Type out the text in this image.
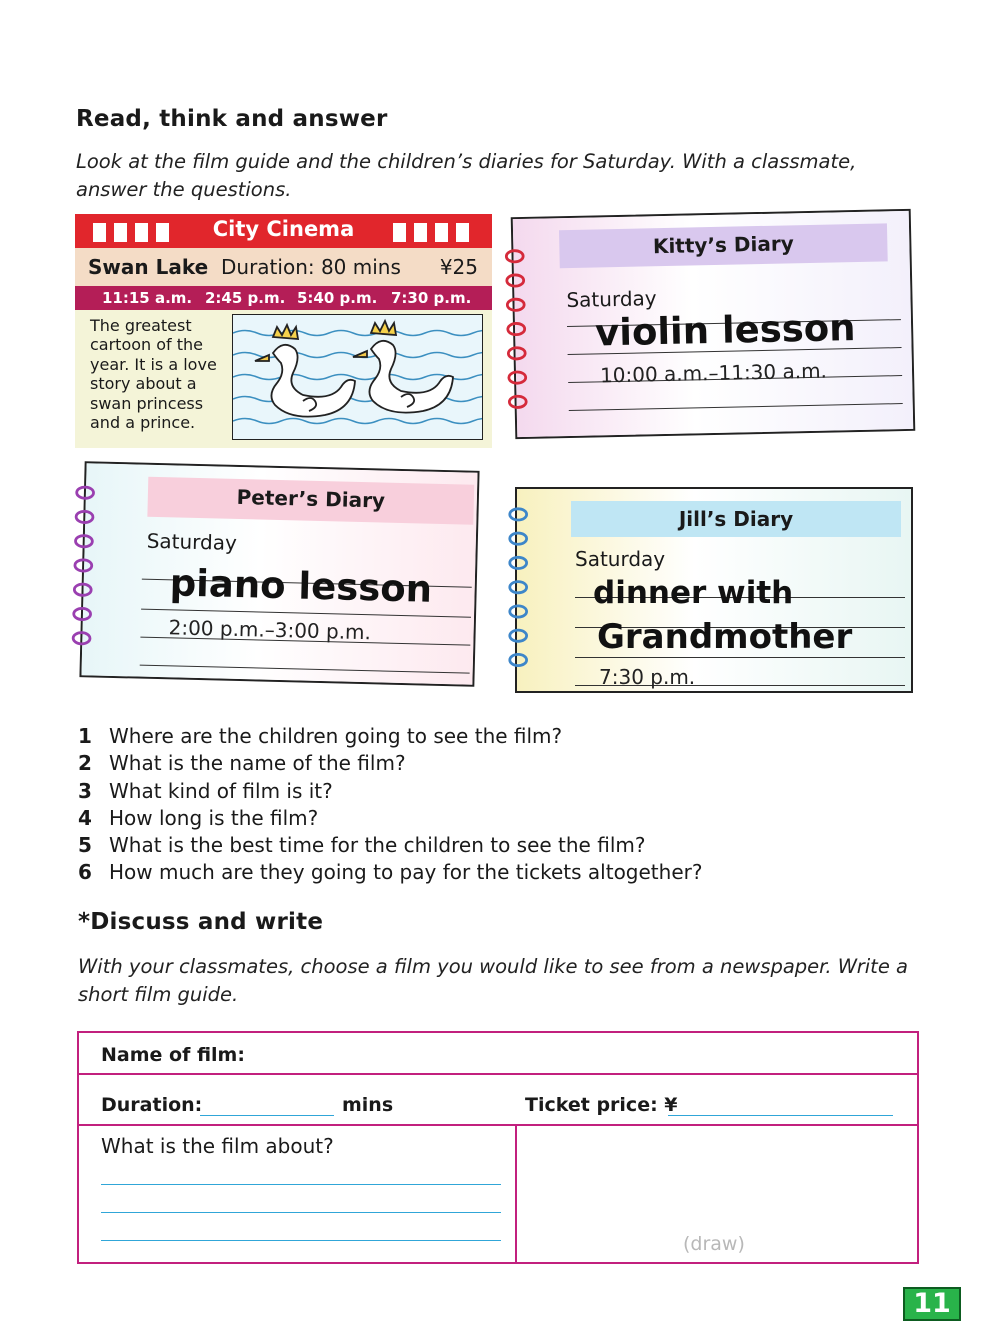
Read, think and answer
Look at the film guide and the children’s diaries for Saturday. With a classmate, answer the questions.
City Cinema
Swan Lake Duration: 80 mins ¥25
11:15 a.m. 2:45 p.m. 5:40 p.m. 7:30 p.m.
The greatest cartoon of the year. It is a love story about a swan princess and a prince.
Kitty’s Diary
Saturday
violin lesson
10:00 a.m.–11:30 a.m.
Peter’s Diary
Saturday
piano lesson
2:00 p.m.–3:00 p.m.
Jill’s Diary
Saturday
dinner with
Grandmother
7:30 p.m.
1 Where are the children going to see the film?
2 What is the name of the film?
3 What kind of film is it?
4 How long is the film?
5 What is the best time for the children to see the film?
6 How much are they going to pay for the tickets altogether?
*Discuss and write
With your classmates, choose a film you would like to see from a newspaper. Write a short film guide.
Name of film:
Duration:	mins	Ticket price: ¥
What is the film about?
(draw)
11
